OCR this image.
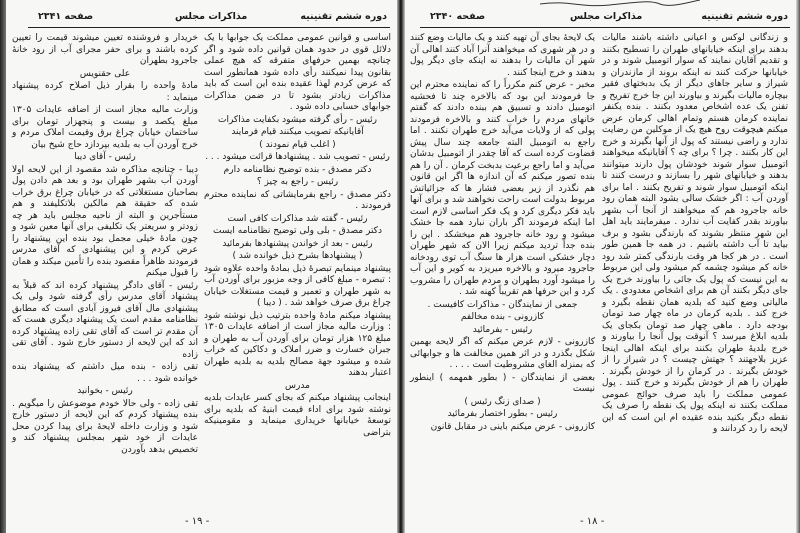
صفحه ۲۳۴۱	مذاکرات مجلس	دوره ششم تقنینیه
خریدار و فروشنده تعیین میشوند قیمت را تعیین کرده باشند و برای حفر مجرای آب از رود خانهٔ جاجرود بطهران
علی حقنویس
مادهٔ واحده را بقرار ذیل اصلاح کرده پیشنهاد مینماید :
وزارت مالیه مجاز است از اضافه عایدات ۱۳۰۵ مبلغ یکصد و بیست و پنجهزار تومان برای ساختمان خیابان چراغ برق وقیمت املاک مردم و خرج آوردن آب به بلدیه بپردازد حاج شیخ بیان
رئیس - آقای دیبا
دیبا - چنانچه مذاکره شد مقصود از این لایحه اولا آوردن آب بشهر طهران بود و بعد هم دادن پول بصاحبان مستغلاتی که در خیابان چراغ برق خراب شده که حقیقة هم مالکین بلاتکلیفند و هم مستأجرین و البته از ناحیه مجلس باید هر چه زودتر و سریعتر یک تکلیفی برای آنها معین شود و چون مادهٔ خیلی مجمل بود بنده این پیشنهاد را عرض کردم و این پیشنهادی که آقای مدرس فرمودند ظاهراً مقصود بنده را تأمین میکند و همان را قبول میکنم
رئیس - آقای دادگر پیشنهاد کرده اند که قبلاً به پیشنهاد آقای مدرس رأی گرفته شود ولی یک پیشنهادی مال آقای فیروز آبادی است که مطابق نظامنامه مقدم است یک پیشنهاد دیگری هست که آن مقدم تر است که آقای تقی زاده پیشنهاد کرده اند که این لایحه از دستور خارج شود . آقای تقی زاده
تقی زاده - بنده میل داشتم که پیشنهاد بنده خوانده شود . . .
رئیس - بخوانید
تقی زاده - ولی حالا خودم موضوعش را میگویم . بنده پیشنهاد کردم که این لایحه از دستور خارج شود و وزارت داخله لایحهٔ برای پیدا کردن محل عایدات از خود شهر بمجلس پیشنهاد کند و تخصیص بدهد بآوردن
اساسی و قوانین عمومی مملکت یک جوابها با یک دلائل قوی در حدود همان قوانین داده شود و اگر چنانچه بهمین حرفهای متفرقه که هیچ عملی بقانون پیدا نمیکنند رأی داده شود همانطور است که عرض کردم لهذا عقیده بنده این است که باید مذاکرات زیادتر بشود تا در ضمن مذاکرات جوابهای حسابی داده شود .
رئیس - رأی گرفته میشود بکفایت مذاکرات
آقایانیکه تصویب میکنند قیام فرمایند
( اغلب قیام نمودند )
رئیس - تصویب شد . پیشنهادها قرائت میشود . . .
دکتر مصدق - بنده توضیح نظامنامه دارم
رئیس - راجع به چیز ؟
دکتر مصدق - راجع بفرمایشاتی که نماینده محترم فرمودند .
رئیس - گفته شد مذاکرات کافی است
دکتر مصدق - بلی ولی توضیح نظامنامه ایست
رئیس - بعد از خواندن پیشنهادها بفرمائید
( پیشنهادها بشرح ذیل خوانده شد )
پیشنهاد مینمایم تبصرهٔ ذیل بمادهٔ واحده علاوه شود : تبصره - مبلغ کافی از وجه مزبور برای آوردن آب به شهر طهران و تعمیر و قیمت مستغلات خیابان چراغ برق صرف خواهد شد . ( دیبا )
پیشنهاد میکنم مادهٔ واحده بترتیب ذیل نوشته شود : وزارت مالیه مجاز است از اضافه عایدات ۱۳۰۵ مبلغ ۱۲۵ هزار تومان برای آوردن آب به طهران و جبران خسارت و ضرر املاک و دکاکین که خراب شده و میشود جهة مصالح بلدیه به بلدیه طهران اعتبار بدهند
مدرس
اینجانب پیشنهاد میکنم که بجای کسر عایدات بلدیه نوشته شود برای اداء قیمت ابنیهٔ که بلدیه برای توسعهٔ خیابانها خریداری مینماید و مقومینیکه بتراضی
- ۱۹ -
صفحه ۲۳۴۰	مذاکرات مجلس	دوره ششم تقنینیه
یک لایحهٔ بجای آن تهیه کنند و یک مالیات وضع کنند و در هر شهری که میخواهند آنرا آباد کنند اهالی آن شهر آن مالیات را بدهند نه اینکه جای دیگر پول بدهند و خرج اینجا کنند .
مخبر - عرض کنم مکرراً را که نماینده محترم این جا فرمودند این بود که بالاخره چند تا فحشیه اتومبیل دادند و تسبیق هم ببنده دادند که گفتم خانهای مردم را خراب کنند و بالاخره فرمودند پولی که از ولایات می‌آید خرج طهران نکنند . اما راجع به اتومبیل البته جامعه چند سال پیش قضاوت کرده است که آقا چقدر از اتومبیل بدشان می‌آید و اما راجع برعیت بدبخت کرمان . آن را هم بنده تصور میکنم که آن اندازه ها اگر این قانون هم نگذرد از زیر بعضی فشار ها که جزائیاتش مربوط بدولت است راحت نخواهند شد و برای آنها باید فکر دیگری کرد و یک فکر اساسی لازم است اما اینکه فرمودند اگر باران نبارد همه جا خشک میشود و رود خانه جاجرود هم میخشکد . این را بنده جداً تردید میکنم زیرا الان که شهر طهران دچار خشکی است هزار ها سنگ آب توی رودخانه جاجرود میرود و بالاخره میریزد به کویر و این آب را میشود آورد بطهران و مردم طهران را مشروب کرد و این حرفها هم تقریباً کهنه شد .
جمعی از نمایندگان - مذاکرات کافیست .
کازرونی - بنده مخالفم
رئیس - بفرمائید
کازرونی - لازم عرض میکنم که اگر لایحه بهمین شکل بگذرد و در اثر همین مخالفت ها و جوابهائی که بمنزله الغای مشروطیت است . . . .
بعضی از نمایندگان - ( بطور همهمه ) اینطور نیست
( صدای زنگ رئیس )
رئیس - بطور اختصار بفرمائید
کازرونی - عرض میکنم باینی در مقابل قانون
و زندگانی لوکس و اعیانی داشته باشند مالیات بدهند برای اینکه خیابانهای طهران را تسطیح بکنند و تقدیم آقایان نمایند که سوار اتومبیل شوند و در خیابانها حرکت کنند نه اینکه بروند از مازندران و شیراز و سایر جاهای دیگر از یک بدبختهای فقیر بیچاره مالیات بگیرند و بیاورند این جا خرج تفریح و تفنن یک عده اشخاص معدود بکنند . بنده یکنفر نماینده کرمان هستم وتمام اهالی کرمان عرض میکنم هیچوقت روح هیچ یک از موکلین من رضایت ندارد و راضی نیستند که پول از آنها بگیرند و خرج این کار بکنند . چرا ؟ برای چه ؟ آقایانیکه میخواهند اتومبیل سوار شوند خودشان پول دارند میتوانند بدهند و خیابانهای شهر را بسازند و درست کنند تا اینکه اتومبیل سوار شوند و تفریح بکنند . اما برای آوردن آب : اگر خشک سالی بشود البته همان رود خانه جاجرود هم که میخواهند از آنجا آب بشهر بیاورند بقدر کفایت آب ندارد . میفرمایند باید اهل این شهر منتظر بشوند که بارندگی بشود و برف بیاید تا آب داشته باشیم . در همه جا همین طور است . در هر کجا هر وقت بارندگی کمتر شد رود خانه کم میشود چشمه کم میشود ولی این مربوط به این نیست که پول یک جائی را بیاورند خرج یک جای دیگر بکنند آن هم برای اشخاص معدودی . یک مالیاتی وضع کنید که بلدیه همان نقطه بگیرد و خرج کند . بلدیه کرمان در ماه چهار صد تومان بودجه دارد . ماهی چهار صد تومان بکجای یک بلدیه ابلاغ میرسد ؟ آنوقت پول آنجا را بیاورند و خرج بلدیهٔ طهران بکنند برای اینکه اهالی اینجا عزیز بلاجهتند ؟ جهتش چیست ؟ در شیراز را از خودش بگیرند . در کرمان را از خودش بگیرند . طهران را هم از خودش بگیرند و خرج کنند . پول عمومی مملکت را باید صرف حوائج عمومی مملکت بکنند نه اینکه پول یک نقطه را صرف یک نقطه دیگر بکنید بنده عقیده ام این است که این لایحه را رد کردانند و
- ۱۸ -
